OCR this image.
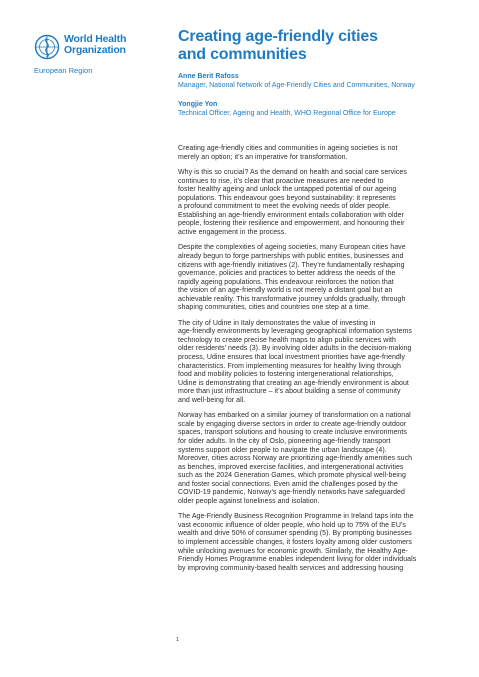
World Health
Organization
European Region
Creating age-friendly cities
and communities
Anne Berit Rafoss
Manager, National Network of Age-Friendly Cities and Communities, Norway
Yongjie Yon
Technical Officer, Ageing and Health, WHO Regional Office for Europe

Creating age-friendly cities and communities in ageing societies is not
merely an option; it’s an imperative for transformation.

Why is this so crucial? As the demand on health and social care services
continues to rise, it’s clear that proactive measures are needed to
foster healthy ageing and unlock the untapped potential of our ageing
populations. This endeavour goes beyond sustainability: it represents
a profound commitment to meet the evolving needs of older people.
Establishing an age-friendly environment entails collaboration with older
people, fostering their resilience and empowerment, and honouring their
active engagement in the process.

Despite the complexities of ageing societies, many European cities have
already begun to forge partnerships with public entities, businesses and
citizens with age-friendly initiatives (2). They’re fundamentally reshaping
governance, policies and practices to better address the needs of the
rapidly ageing populations. This endeavour reinforces the notion that
the vision of an age-friendly world is not merely a distant goal but an
achievable reality. This transformative journey unfolds gradually, through
shaping communities, cities and countries one step at a time.

The city of Udine in Italy demonstrates the value of investing in
age-friendly environments by leveraging geographical information systems
technology to create precise health maps to align public services with
older residents’ needs (3). By involving older adults in the decision-making
process, Udine ensures that local investment priorities have age-friendly
characteristics. From implementing measures for healthy living through
food and mobility policies to fostering intergenerational relationships,
Udine is demonstrating that creating an age-friendly environment is about
more than just infrastructure – it’s about building a sense of community
and well-being for all.

Norway has embarked on a similar journey of transformation on a national
scale by engaging diverse sectors in order to create age-friendly outdoor
spaces, transport solutions and housing to create inclusive environments
for older adults. In the city of Oslo, pioneering age-friendly transport
systems support older people to navigate the urban landscape (4).
Moreover, cities across Norway are prioritizing age-friendly amenities such
as benches, improved exercise facilities, and intergenerational activities
such as the 2024 Generation Games, which promote physical well-being
and foster social connections. Even amid the challenges posed by the
COVID-19 pandemic, Norway’s age-friendly networks have safeguarded
older people against loneliness and isolation.

The Age-Friendly Business Recognition Programme in Ireland taps into the
vast economic influence of older people, who hold up to 75% of the EU’s
wealth and drive 50% of consumer spending (5). By prompting businesses
to implement accessible changes, it fosters loyalty among older customers
while unlocking avenues for economic growth. Similarly, the Healthy Age-
Friendly Homes Programme enables independent living for older individuals
by improving community-based health services and addressing housing

1
